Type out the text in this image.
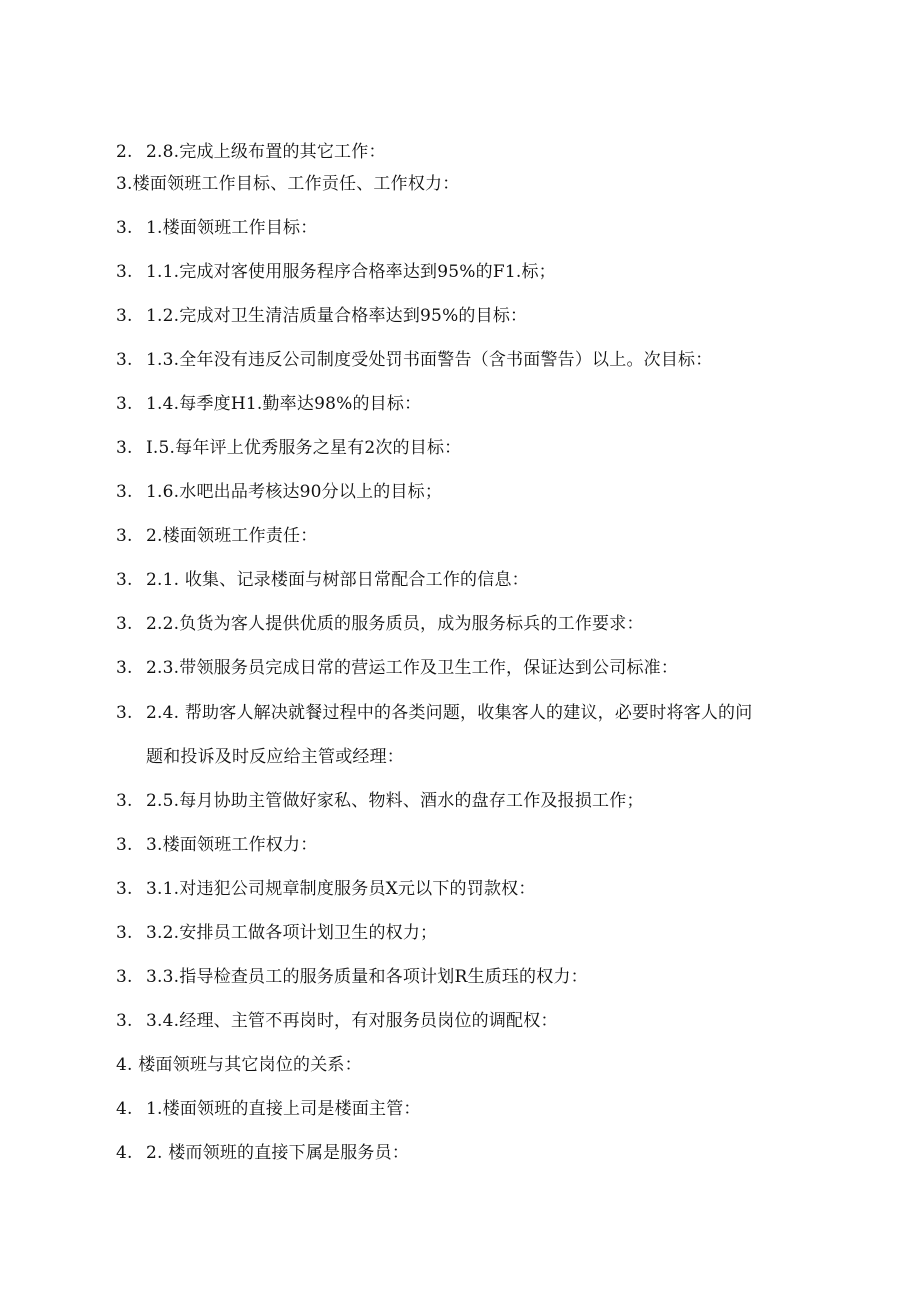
2. 2.8.完成上级布置的其它工作：
3.楼面领班工作目标、工作贡任、工作权力：
3. 1.楼面领班工作目标：
3. 1.1.完成对客使用服务程序合格率达到95%的F1.标；
3. 1.2.完成对卫生清洁质量合格率达到95%的目标：
3. 1.3.全年没有违反公司制度受处罚书面警告（含书面警告）以上。次目标：
3. 1.4.每季度H1.勤率达98%的目标：
3. I.5.每年评上优秀服务之星有2次的目标：
3. 1.6.水吧出品考核达90分以上的目标；
3. 2.楼面领班工作责任：
3. 2.1. 收集、记录楼面与树部日常配合工作的信息：
3. 2.2.负货为客人提供优质的服务质员，成为服务标兵的工作要求：
3. 2.3.带领服务员完成日常的营运工作及卫生工作，保证达到公司标准：
3. 2.4. 帮助客人解决就餐过程中的各类问题，收集客人的建议，必要时将客人的问
题和投诉及时反应给主管或经理：
3. 2.5.每月协助主管做好家私、物料、酒水的盘存工作及报损工作；
3. 3.楼面领班工作权力：
3. 3.1.对违犯公司规章制度服务员X元以下的罚款权：
3. 3.2.安排员工做各项计划卫生的权力；
3. 3.3.指导检查员工的服务质量和各项计划R生质珏的权力：
3. 3.4.经理、主管不再岗时，有对服务员岗位的调配权：
4. 楼面领班与其它岗位的关系：
4. 1.楼面领班的直接上司是楼面主管：
4. 2. 楼而领班的直接下属是服务员：
